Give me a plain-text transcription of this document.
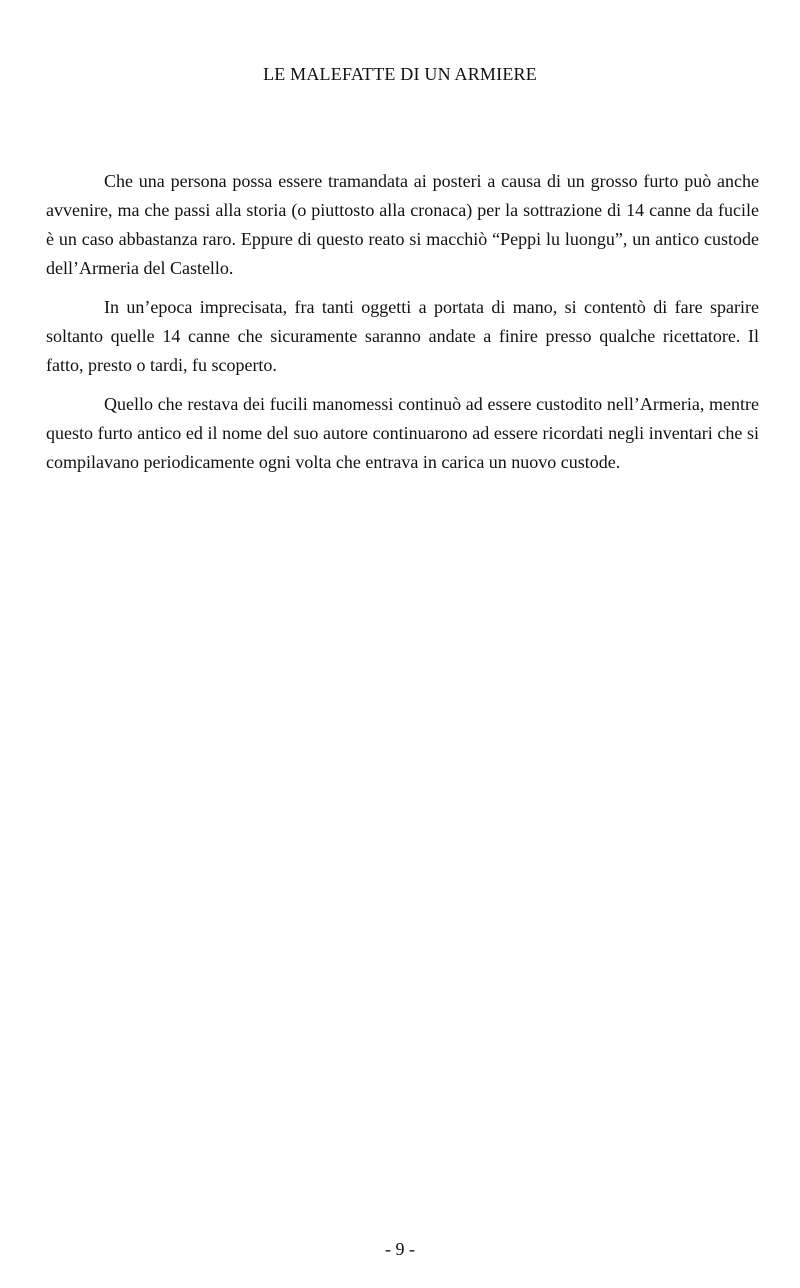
LE MALEFATTE DI UN ARMIERE

Che una persona possa essere tramandata ai posteri a causa di un grosso furto può anche avvenire, ma che passi alla storia (o piuttosto alla cronaca) per la sottrazione di 14 canne da fucile è un caso abbastanza raro. Eppure di questo reato si macchiò “Peppi lu luongu”, un antico custode dell’Armeria del Castello.

In un’epoca imprecisata, fra tanti oggetti a portata di mano, si contentò di fare sparire soltanto quelle 14 canne che sicuramente saranno andate a finire presso qualche ricettatore. Il fatto, presto o tardi, fu scoperto.

Quello che restava dei fucili manomessi continuò ad essere custodito nell’Armeria, mentre questo furto antico ed il nome del suo autore continuarono ad essere ricordati negli inventari che si compilavano periodicamente ogni volta che entrava in carica un nuovo custode.

- 9 -
